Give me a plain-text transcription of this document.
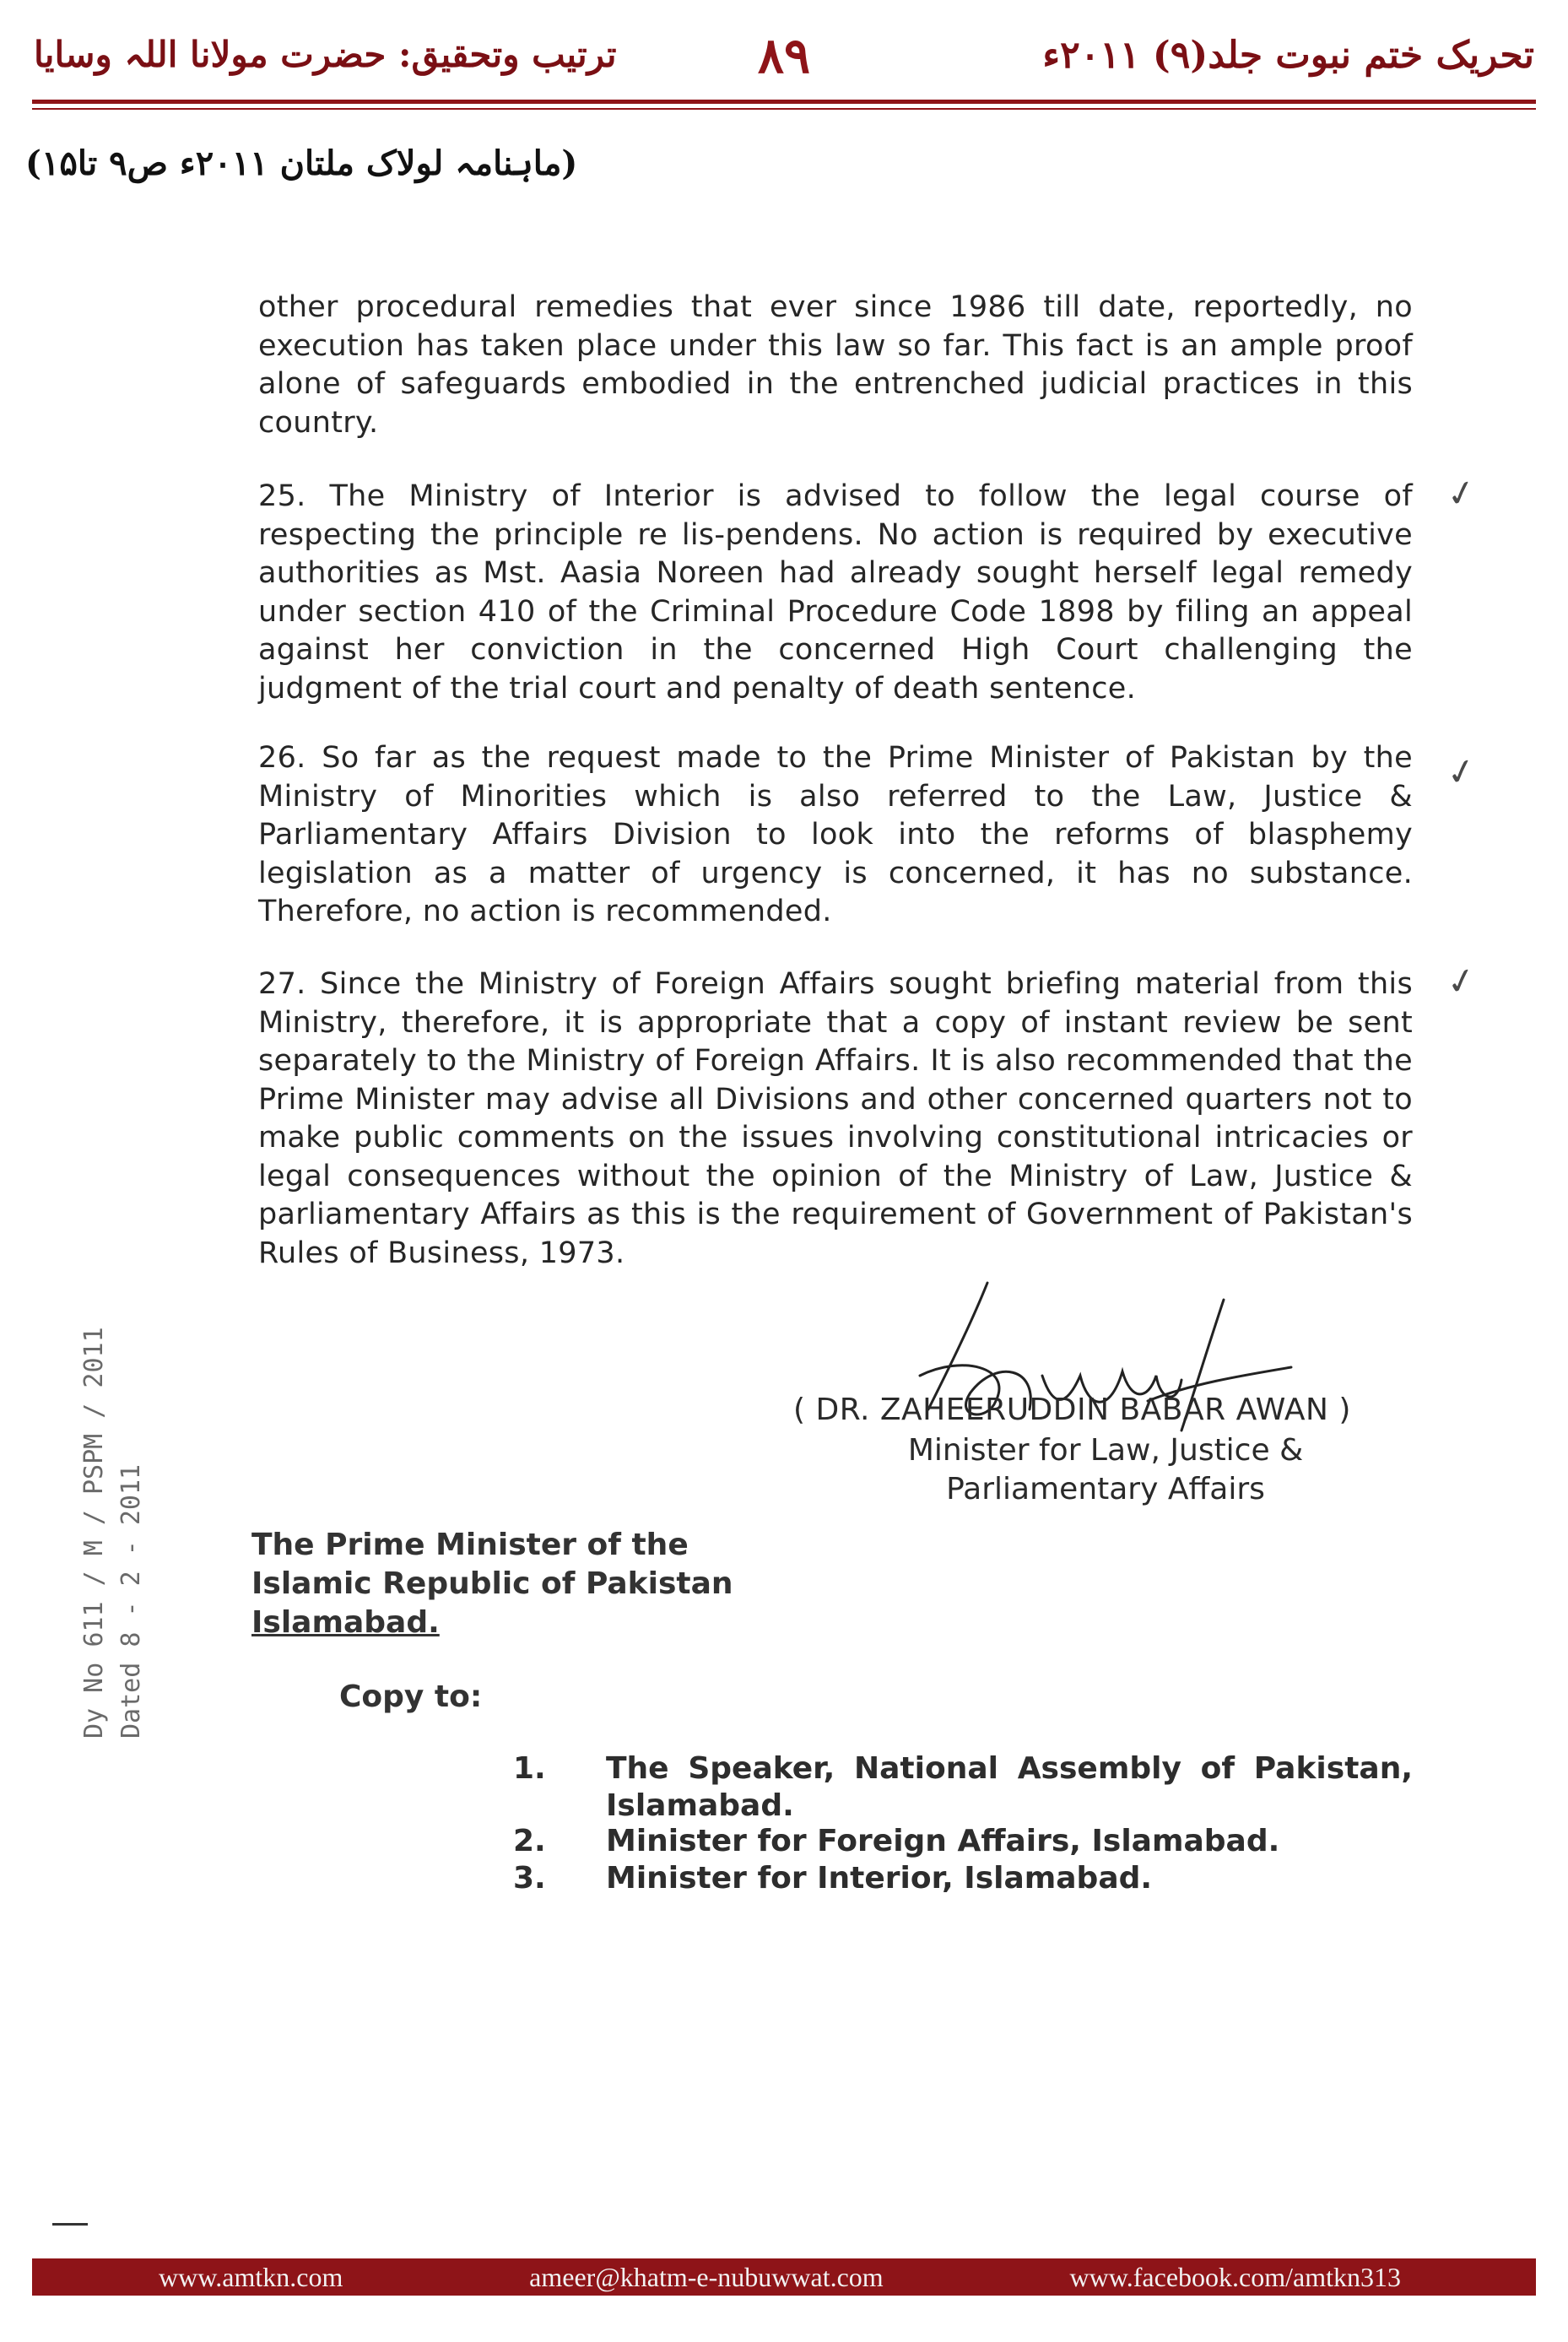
تحریک ختم نبوت جلد(۹) ۲۰۱۱ء
۸۹
ترتیب وتحقیق: حضرت مولانا اللہ وسایا
(ماہنامہ لولاک ملتان ۲۰۱۱ء ص۹ تا۱۵)
other procedural remedies that ever since 1986 till date, reportedly, no execution has taken place under this law so far. This fact is an ample proof alone of safeguards embodied in the entrenched judicial practices in this country.
25. The Ministry of Interior is advised to follow the legal course of respecting the principle re lis-pendens. No action is required by executive authorities as Mst. Aasia Noreen had already sought herself legal remedy under section 410 of the Criminal Procedure Code 1898 by filing an appeal against her conviction in the concerned High Court challenging the judgment of the trial court and penalty of death sentence.
26. So far as the request made to the Prime Minister of Pakistan by the Ministry of Minorities which is also referred to the Law, Justice & Parliamentary Affairs Division to look into the reforms of blasphemy legislation as a matter of urgency is concerned, it has no substance. Therefore, no action is recommended.
27. Since the Ministry of Foreign Affairs sought briefing material from this Ministry, therefore, it is appropriate that a copy of instant review be sent separately to the Ministry of Foreign Affairs. It is also recommended that the Prime Minister may advise all Divisions and other concerned quarters not to make public comments on the issues involving constitutional intricacies or legal consequences without the opinion of the Ministry of Law, Justice & parliamentary Affairs as this is the requirement of Government of Pakistan's Rules of Business, 1973.
✓
✓
✓
( DR. ZAHEERUDDIN BABAR AWAN )
Minister for Law, Justice &
Parliamentary Affairs
Dy No 611 / M / PSPM / 2011 Dated 8 - 2 - 2011	The Prime Minister of the
Islamic Republic of Pakistan
Islamabad.
Copy to:
1. The Speaker, National Assembly of Pakistan, Islamabad.
2. Minister for Foreign Affairs, Islamabad.
3. Minister for Interior, Islamabad.
www.amtkn.com	ameer@khatm-e-nubuwwat.com	www.facebook.com/amtkn313
